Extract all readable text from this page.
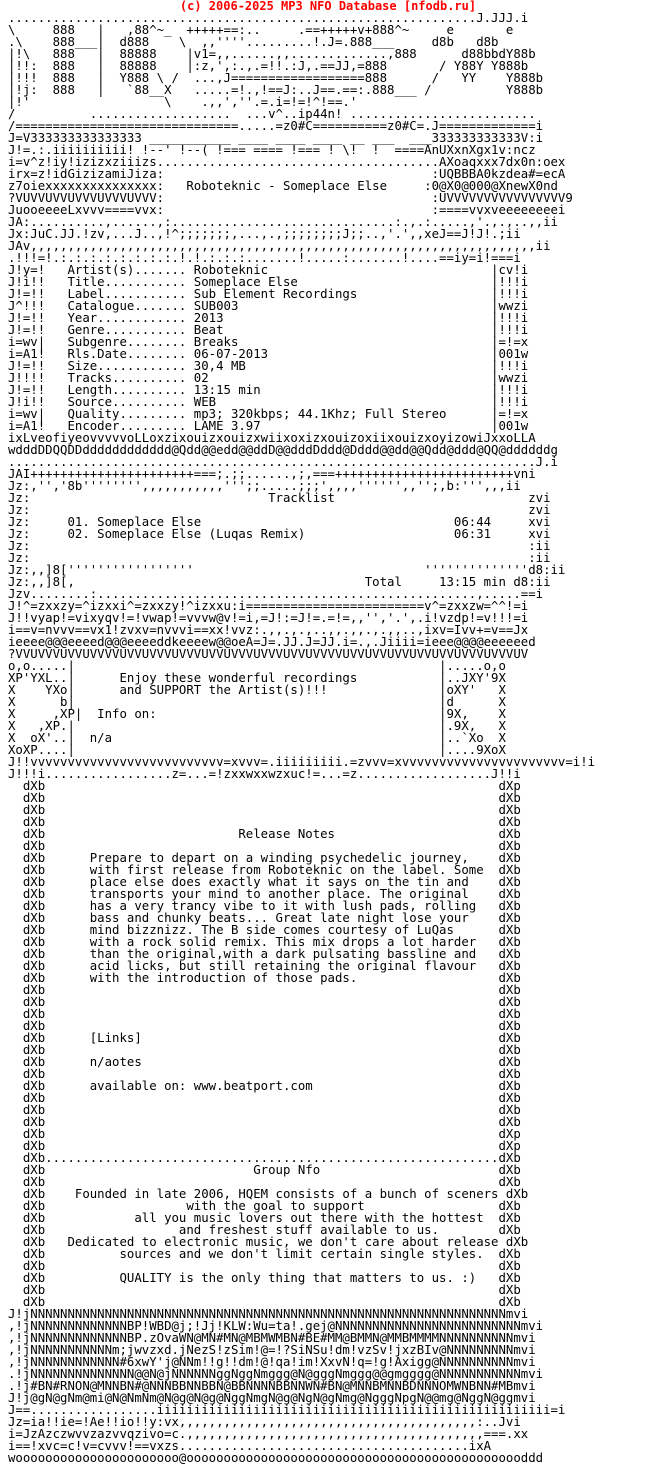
(c) 2006-2025 MP3 NFO Database [nfodb.ru]
...............................................................J.JJJ.i
\     888   |   ,88^~_  +++++==:..     .==+++++v+888^~     e       e
.\    888___|  d888    \  ,,''''.........!.J=.888___     d8b   d8b
|!\   888   |  88888    |v1=,,......,,.............,888      d88bbdY88b
|!!:  888   |  88888    |:z,',:.,.=!!.:J,.==JJ,=888       / Y88Y Y888b
|!!!  888   |  Y888 \ /  ...,J==================888      /   YY    Y888b
|!j:  888   |   `88__X   .....=!.,!==J:..J==.==:.888___ /          Y888b
|!'                  \    .,,',''.=.i=!=!^!==.'
/          ...................  ...v^..ip44n! .........................
/==============================.....=z0#C==========z0#C=.J=============i
J=V333333333333333 ___________ ____ ____ ____ __ ___  ___333333333333V:i
J!=.:.iiiiiiiiii! !--' !--( !=== ==== !=== ! \!  !  ====AnUXxnXgx1v:ncz
i=v^z!iy!izizxziiizs......................................AXoaqxxx7dx0n:oex
irx=z!idGizizamiJiza:                                    :UQBBBA0kzdea#=ecA
z7oiexxxxxxxxxxxxxxx:   Roboteknic - Someplace Else     :0@X0@000@XnewX0nd
?VUVVUVVUVVVUVVVUVVV:                                    :UVVVVVVVVVVVVVVVV9
JuooeeeeLxvvv====vvx:                                    :====vvxveeeeeeeei
JA:..........,......,:..............................:.,.:.....,'.,.,..,,ii
Jx:JuC.JJ.!zv,...J..,!^;;;;;;;,...,.,;;;;;;;;J;;..,'.',,xeJ==J!J!.;ii
JAv,,,,,,,,,,,,,,,,,,,,,,,,,,,,,,,,,,,,,,,,,,,,,,,,,,,,,,,,,,,,,,,,,,,,ii
.!!!=!.:.:.:.:.:.:.:.:.!.!.:.:.:.......!.....:.......!....==iy=i!===i
J!y=!   Artist(s)....... Roboteknic                              |cv!i
J!i!!   Title........... Someplace Else                          |!!!i
J!=!!   Label........... Sub Element Recordings                  |!!!i
J^!!!   Catalogue....... SUB003                                  |wwzi
J!=!!   Year............ 2013                                    |!!!i
J!=!!   Genre........... Beat                                    |!!!i
i=wv|   Subgenre........ Breaks                                  |=!=x
i=A1!   Rls.Date........ 06-07-2013                              |001w
J!=!!   Size............ 30,4 MB                                 |!!!i
J!!!!   Tracks.......... 02                                      |wwzi
J!=!!   Length.......... 13:15 min                               |!!!i
J!i!!   Source.......... WEB                                     |!!!i
i=wv|   Quality......... mp3; 320kbps; 44.1Khz; Full Stereo      |=!=x
i=A1!   Encoder......... LAME 3.97                               |001w
ixLveofiyeovvvvvoLLoxzixouizxouizxwiixoxizxouizoxiixouizxoyizowiJxxoLLA
wdddDDQQDDdddddddddddd@Qdd@@edd@@ddD@@dddDddd@Dddd@@dd@@Qdd@ddd@QQ@ddddddg
.......................................................................J.i
JAI++++++++++++++++++++++===;.;;......,;,===++++++++++++++++++++++++vni
Jz:,'','8b'''''''',,,,,,,,,,,''';;.....;;;',,,,'''''',,'';,b:''',,,ii
Jz:                                Tracklist                          zvi
Jz:                                                                   zvi
Jz:     01. Someplace Else                                  06:44     xvi
Jz:     02. Someplace Else (Luqas Remix)                    06:31     xvi
Jz:                                                                   :ii
Jz:                                                                   :ii
Jz:,,]8['''''''''''''''''                               ''''''''''''''d8:ii
Jz:,,]8[,                                       Total     13:15 min d8:ii
Jzv........:...................................................,.....==i
J!^=zxxzy=^izxxi^=zxxzy!^izxxu:i========================v^=zxxzw=^^!=i
J!!vyap!=vixyqv!=!vwap!=vvvw@v!=i,=J!:=J!=.=!=,,'','.',.i!vzdp!=v!!!=i
i==v=nvvv==vx1!zvxv=nvvvi==xx!vvz:.,,.,.,..,,.,,.,.,,..,ixv=Ivv+=v==Jx
ieeee@@@eeeed@@@eeeeddkeeeew@@oeA=J=.JJ.J=JJ.i=.,.Jiiii=ieee@@@@eeeeeed
?VVUVVVUVVUVVVVUVVUVVVUVVVUVVUVVVUVVVUVVUVVVVUVVUVVUVVUVVUVVUVVVUVVVUV
o,o.....|                                                 |.....o,o
XP'YXL..|      Enjoy these wonderful recordings           |..JXY'9X
X    YXo|      and SUPPORT the Artist(s)!!!               |oXY'   X
X      b|                                                 |d      X
X     ,XP|  Info on:                                      |9X,    X
X   ,XP.|                                                 |.9X,   X
X  oX'..|  n/a                                            |..`Xo  X
XoXP....|                                                 |....9XoX
J!!vvvvvvvvvvvvvvvvvvvvvvvvvv=xvvv=.iiiiiiiii.=zvvv=xvvvvvvvvvvvvvvvvvvvvvv=i!i
J!!!i.................z=...=!zxxwxxwzxuc!=...=z..................J!!i
dXb                                                             dXp
dXb                                                             dXb
dXb                                                             dXb
dXb                                                             dXb
dXb                          Release Notes                      dXb
dXb                                                             dXb
dXb      Prepare to depart on a winding psychedelic journey,    dXb
dXb      with first release from Roboteknic on the label. Some  dXb
dXb      place else does exactly what it says on the tin and    dXb
dXb      transports your mind to another place. The original    dXb
dXb      has a very trancy vibe to it with lush pads, rolling   dXb
dXb      bass and chunky beats... Great late night lose your    dXb
dXb      mind bizznizz. The B side comes courtesy of LuQas      dXb
dXb      with a rock solid remix. This mix drops a lot harder   dXb
dXb      than the original,with a dark pulsating bassline and   dXb
dXb      acid licks, but still retaining the original flavour   dXb
dXb      with the introduction of those pads.                   dXb
dXb                                                             dXb
dXb                                                             dXb
dXb                                                             dXb
dXb                                                             dXb
dXb      [Links]                                                dXb
dXb                                                             dXb
dXb      n/aotes                                                dXb
dXb                                                             dXb
dXb      available on: www.beatport.com                         dXb
dXb                                                             dXb
dXb                                                             dXb
dXb                                                             dXb
dXb                                                             dXp
dXb                                                             dXp
dXb.............................................................dXb
dXb                            Group Nfo                        dXb
dXb                                                             dXb
dXb    Founded in late 2006, HQEM consists of a bunch of sceners dXb
dXb                   with the goal to support                  dXb
dXb            all you music lovers out there with the hottest  dXb
dXb                  and freshest stuff available to us.        dXb
dXb   Dedicated to electronic music, we don't care about release dXb
dXb          sources and we don't limit certain single styles.  dXb
dXb                                                             dXb
dXb          QUALITY is the only thing that matters to us. :)   dXb
dXb                                                             dXb
dXb                                                             dXb
J!jNNNNNNNNNNNNNNNNNNNNNNNNNNNNNNNNNNNNNNNNNNNNNNNNNNNNNNNNNNNNNNNNmvi
,!jNNNNNNNNNNNNNBP!WBD@j;!Jj!KLW:Wu=ta!.gej@NNNNNNNNNNNNNNNNNNNNNNNNNmvi
,!jNNNNNNNNNNNNNBP.zOvaWN@MN#MN@MBMWMBN#BE#MM@BMMN@MMBMMMMNNNNNNNNNNmvi
,!jNNNNNNNNNNNm;jwvzxd.jNezS!zSim!@=!?SiNSu!dm!vzSv!jxzBIv@NNNNNNNNNmvi
,!jNNNNNNNNNNNN#6xwY'j@NNm!!g!!dm!@!qa!im!XxvN!q=!g!Axigg@NNNNNNNNNNmvi
.!jNNNNNNNNNNNNNN@@N@jNNNNNNggNggNmggg@N@gggNmggg@@gmgggg@NNNNNNNNNNNmvi
.!j#BN#RNON@MNNBN#@NNNBBNNBBN@BBNNNNBBNNWN#BN@MNNBMNNBDNNNOMWNBNN#MBmvi
J!j@gN@gNm@mi@N@NmNm@N@g@N@g@NggNmgN@g@NgN@gNmg@NgggNpgN@@mg@NggN@ggmvi
J==.................iiiiiiiiiiiiiiiiiiiiiiiiiiiiiiiiiiiiiiiiiiiiiiiiiiiii=i
Jz=ia!!ie=!Ae!!io!!y:vx,,,,,,,,,,,,,,,,,,,,,,,,,,,,,,,,,,,,,,,,:..Jvi
i=JzAzczwvvzazvvqzivo=c.,,,,,,,,,,,,,,,,,,,,,,,,,,,,,,,,,,,,,,,,===.xx
i==!xvc=c!v=cvvv!==vxzs.......................................ixA
woooooooooooooooooooooo@oooooooooooooooooooooooooooooooooooooooooooooddd
